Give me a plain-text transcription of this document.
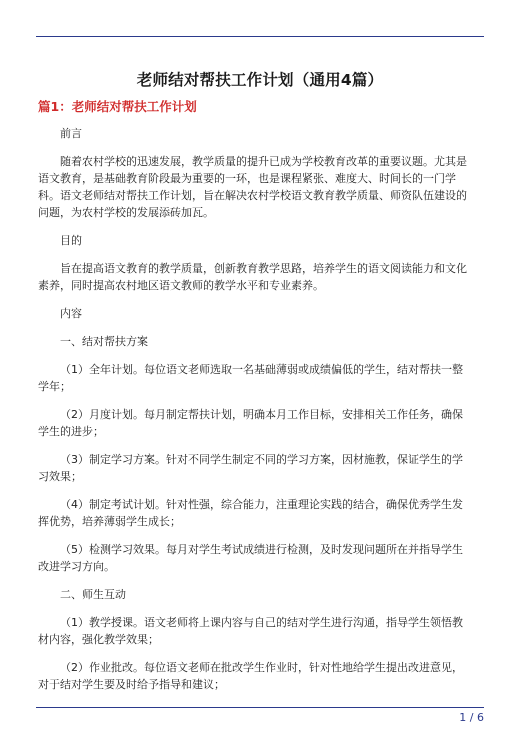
老师结对帮扶工作计划（通用4篇）
篇1：老师结对帮扶工作计划

前言

随着农村学校的迅速发展，教学质量的提升已成为学校教育改革的重要议题。尤其是语文教育，是基础教育阶段最为重要的一环，也是课程紧张、难度大、时间长的一门学科。语文老师结对帮扶工作计划，旨在解决农村学校语文教育教学质量、师资队伍建设的问题，为农村学校的发展添砖加瓦。

目的

旨在提高语文教育的教学质量，创新教育教学思路，培养学生的语文阅读能力和文化素养，同时提高农村地区语文教师的教学水平和专业素养。

内容

一、结对帮扶方案

（1）全年计划。每位语文老师选取一名基础薄弱或成绩偏低的学生，结对帮扶一整学年；

（2）月度计划。每月制定帮扶计划，明确本月工作目标，安排相关工作任务，确保学生的进步；

（3）制定学习方案。针对不同学生制定不同的学习方案，因材施教，保证学生的学习效果；

（4）制定考试计划。针对性强，综合能力，注重理论实践的结合，确保优秀学生发挥优势，培养薄弱学生成长；

（5）检测学习效果。每月对学生考试成绩进行检测，及时发现问题所在并指导学生改进学习方向。

二、师生互动

（1）教学授课。语文老师将上课内容与自己的结对学生进行沟通，指导学生领悟教材内容，强化教学效果；

（2）作业批改。每位语文老师在批改学生作业时，针对性地给学生提出改进意见，对于结对学生要及时给予指导和建议；

1 / 6
